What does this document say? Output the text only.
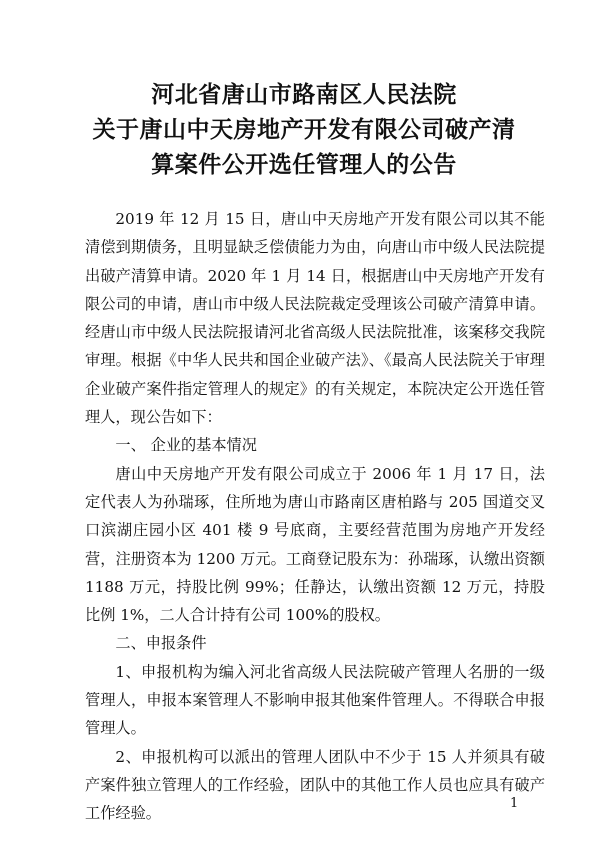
河北省唐山市路南区人民法院
关于唐山中天房地产开发有限公司破产清
算案件公开选任管理人的公告

2019 年 12 月 15 日，唐山中天房地产开发有限公司以其不能清偿到期债务，且明显缺乏偿债能力为由，向唐山市中级人民法院提出破产清算申请。2020 年 1 月 14 日，根据唐山中天房地产开发有限公司的申请，唐山市中级人民法院裁定受理该公司破产清算申请。经唐山市中级人民法院报请河北省高级人民法院批准，该案移交我院审理。根据《中华人民共和国企业破产法》、《最高人民法院关于审理企业破产案件指定管理人的规定》的有关规定，本院决定公开选任管理人，现公告如下：

一、 企业的基本情况

唐山中天房地产开发有限公司成立于 2006 年 1 月 17 日，法定代表人为孙瑞琢，住所地为唐山市路南区唐柏路与 205 国道交叉口滨湖庄园小区 401 楼 9 号底商，主要经营范围为房地产开发经营，注册资本为 1200 万元。工商登记股东为：孙瑞琢，认缴出资额 1188 万元，持股比例 99%；任静达，认缴出资额 12 万元，持股比例 1%，二人合计持有公司 100%的股权。

二、申报条件

1、申报机构为编入河北省高级人民法院破产管理人名册的一级管理人，申报本案管理人不影响申报其他案件管理人。不得联合申报管理人。

2、申报机构可以派出的管理人团队中不少于 15 人并须具有破产案件独立管理人的工作经验，团队中的其他工作人员也应具有破产工作经验。

1
